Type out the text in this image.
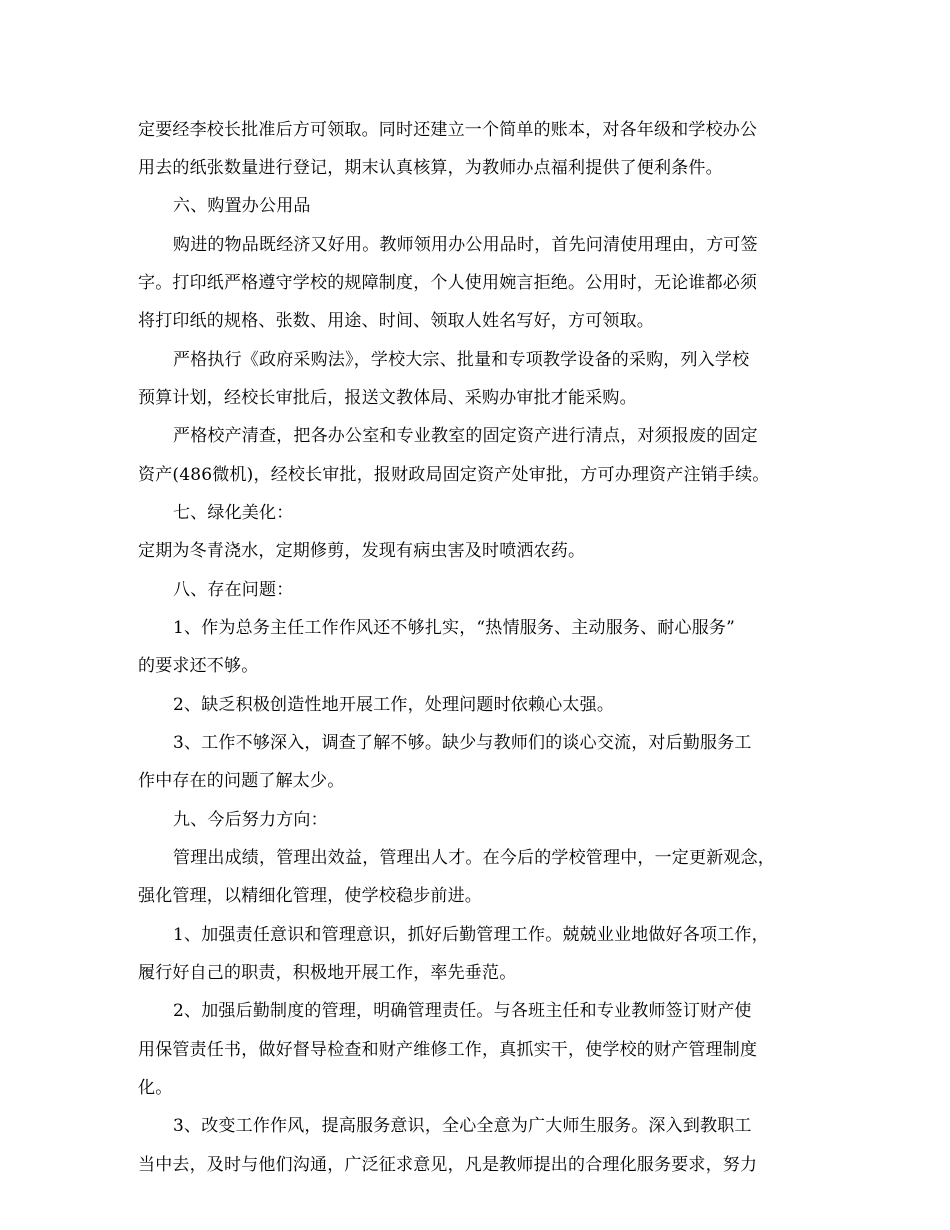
定要经李校长批准后方可领取。同时还建立一个简单的账本，对各年级和学校办公
用去的纸张数量进行登记，期末认真核算，为教师办点福利提供了便利条件。
六、购置办公用品
购进的物品既经济又好用。教师领用办公用品时，首先问清使用理由，方可签
字。打印纸严格遵守学校的规障制度，个人使用婉言拒绝。公用时，无论谁都必须
将打印纸的规格、张数、用途、时间、领取人姓名写好，方可领取。
严格执行《政府采购法》，学校大宗、批量和专项教学设备的采购，列入学校
预算计划，经校长审批后，报送文教体局、采购办审批才能采购。
严格校产清查，把各办公室和专业教室的固定资产进行清点，对须报废的固定
资产(486微机)，经校长审批，报财政局固定资产处审批，方可办理资产注销手续。
七、绿化美化：
定期为冬青浇水，定期修剪，发现有病虫害及时喷洒农药。
八、存在问题：
1、作为总务主任工作作风还不够扎实，“热情服务、主动服务、耐心服务”
的要求还不够。
2、缺乏积极创造性地开展工作，处理问题时依赖心太强。
3、工作不够深入，调查了解不够。缺少与教师们的谈心交流，对后勤服务工
作中存在的问题了解太少。
九、今后努力方向：
管理出成绩，管理出效益，管理出人才。在今后的学校管理中，一定更新观念，
强化管理，以精细化管理，使学校稳步前进。
1、加强责任意识和管理意识，抓好后勤管理工作。兢兢业业地做好各项工作，
履行好自己的职责，积极地开展工作，率先垂范。
2、加强后勤制度的管理，明确管理责任。与各班主任和专业教师签订财产使
用保管责任书，做好督导检查和财产维修工作，真抓实干，使学校的财产管理制度
化。
3、改变工作作风，提高服务意识，全心全意为广大师生服务。深入到教职工
当中去，及时与他们沟通，广泛征求意见，凡是教师提出的合理化服务要求，努力
